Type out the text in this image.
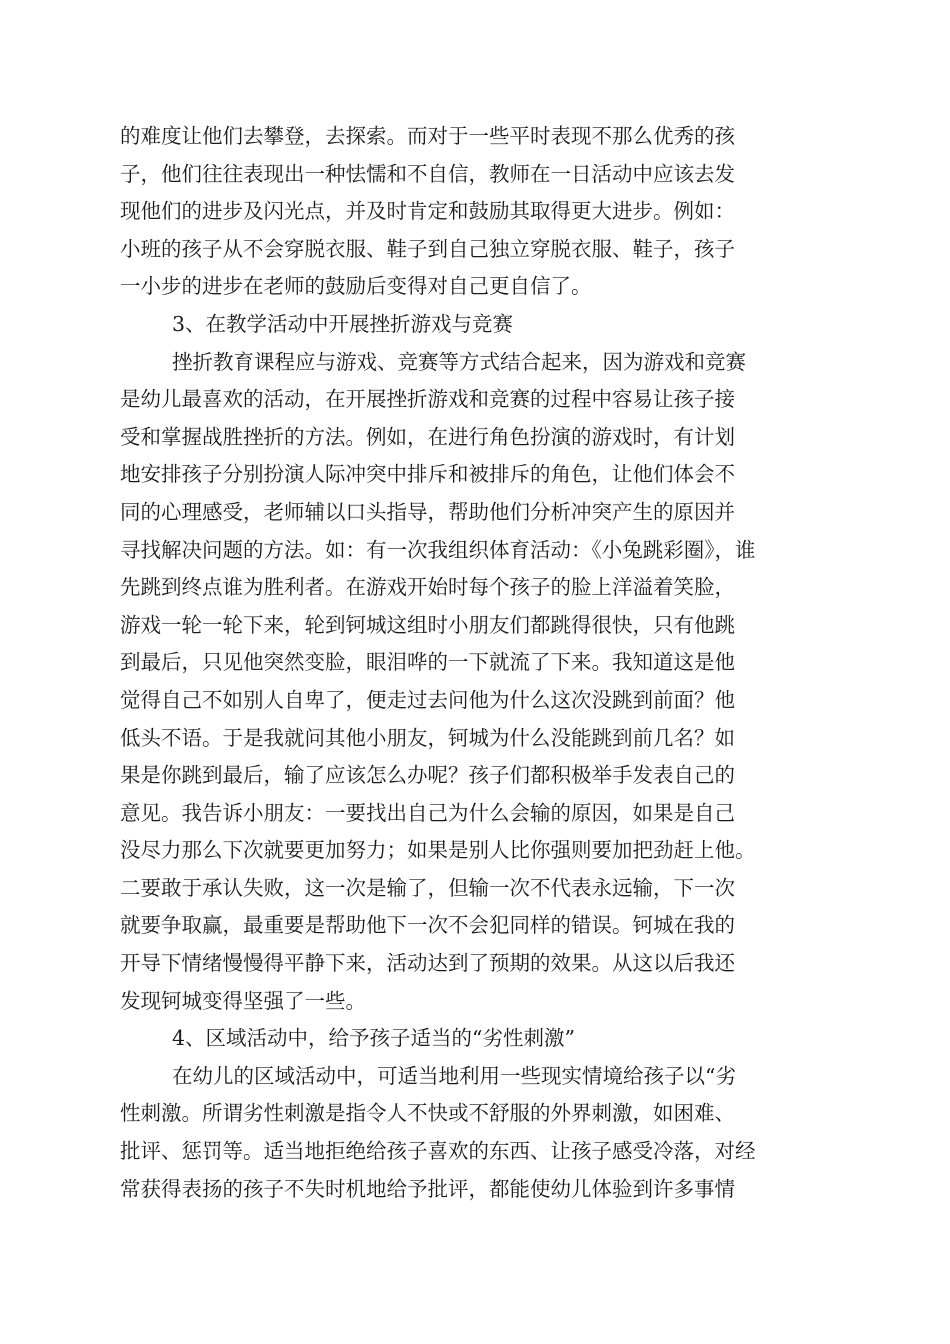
的难度让他们去攀登，去探索。而对于一些平时表现不那么优秀的孩
子，他们往往表现出一种怯懦和不自信，教师在一日活动中应该去发
现他们的进步及闪光点，并及时肯定和鼓励其取得更大进步。例如：
小班的孩子从不会穿脱衣服、鞋子到自己独立穿脱衣服、鞋子，孩子
一小步的进步在老师的鼓励后变得对自己更自信了。
3、在教学活动中开展挫折游戏与竞赛
挫折教育课程应与游戏、竞赛等方式结合起来，因为游戏和竞赛
是幼儿最喜欢的活动，在开展挫折游戏和竞赛的过程中容易让孩子接
受和掌握战胜挫折的方法。例如，在进行角色扮演的游戏时，有计划
地安排孩子分别扮演人际冲突中排斥和被排斥的角色，让他们体会不
同的心理感受，老师辅以口头指导，帮助他们分析冲突产生的原因并
寻找解决问题的方法。如：有一次我组织体育活动：《小兔跳彩圈》，谁
先跳到终点谁为胜利者。在游戏开始时每个孩子的脸上洋溢着笑脸，
游戏一轮一轮下来，轮到钶城这组时小朋友们都跳得很快，只有他跳
到最后，只见他突然变脸，眼泪哗的一下就流了下来。我知道这是他
觉得自己不如别人自卑了，便走过去问他为什么这次没跳到前面？他
低头不语。于是我就问其他小朋友，钶城为什么没能跳到前几名？如
果是你跳到最后，输了应该怎么办呢？孩子们都积极举手发表自己的
意见。我告诉小朋友：一要找出自己为什么会输的原因，如果是自己
没尽力那么下次就要更加努力；如果是别人比你强则要加把劲赶上他。
二要敢于承认失败，这一次是输了，但输一次不代表永远输，下一次
就要争取赢，最重要是帮助他下一次不会犯同样的错误。钶城在我的
开导下情绪慢慢得平静下来，活动达到了预期的效果。从这以后我还
发现钶城变得坚强了一些。
4、区域活动中，给予孩子适当的“劣性刺激”
在幼儿的区域活动中，可适当地利用一些现实情境给孩子以“劣
性刺激。所谓劣性刺激是指令人不快或不舒服的外界刺激，如困难、
批评、惩罚等。适当地拒绝给孩子喜欢的东西、让孩子感受冷落，对经
常获得表扬的孩子不失时机地给予批评，都能使幼儿体验到许多事情
